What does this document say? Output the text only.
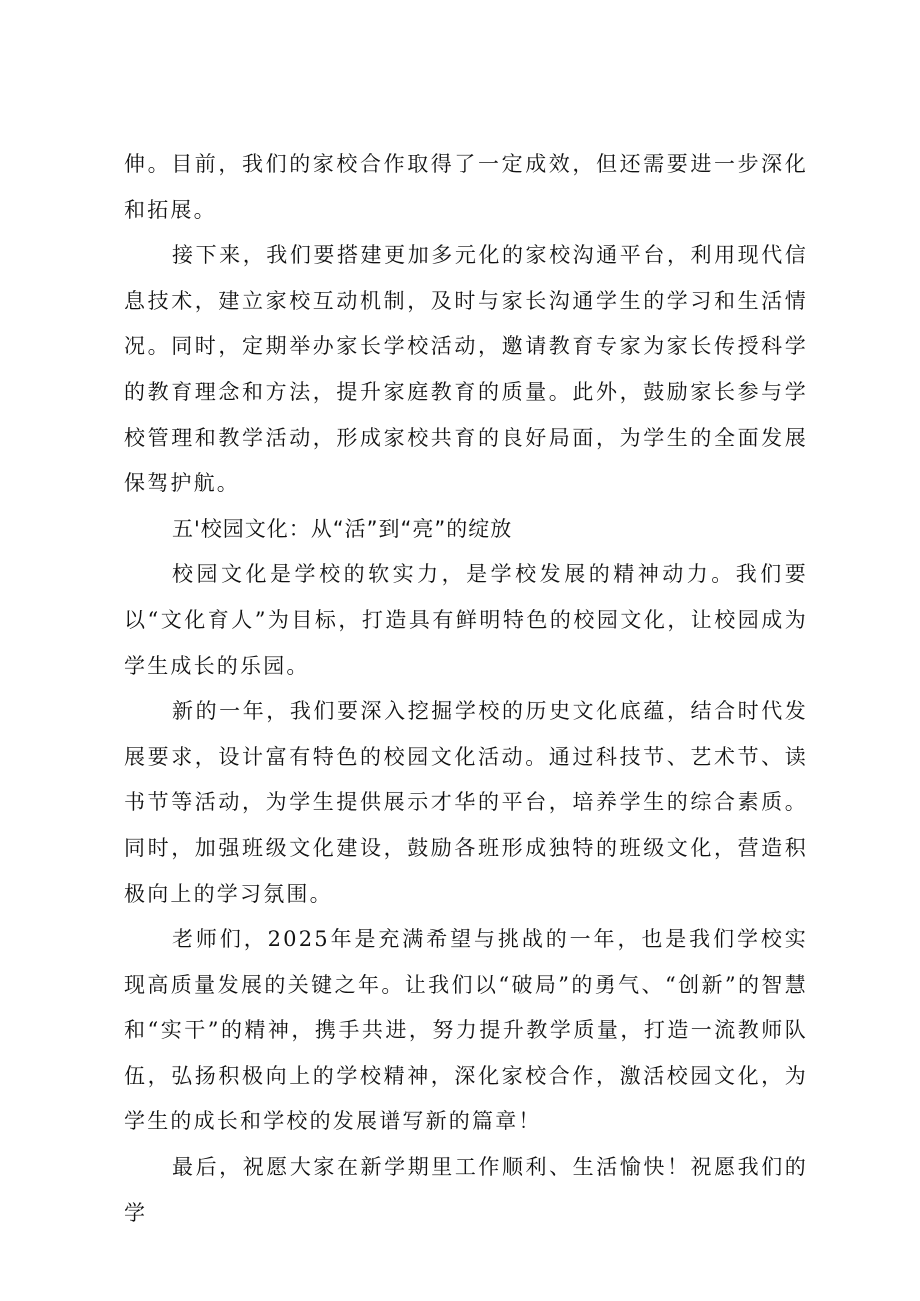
伸。目前，我们的家校合作取得了一定成效，但还需要进一步深化和拓展。

接下来，我们要搭建更加多元化的家校沟通平台，利用现代信息技术，建立家校互动机制，及时与家长沟通学生的学习和生活情况。同时，定期举办家长学校活动，邀请教育专家为家长传授科学的教育理念和方法，提升家庭教育的质量。此外，鼓励家长参与学校管理和教学活动，形成家校共育的良好局面，为学生的全面发展保驾护航。

五'校园文化：从“活”到“亮”的绽放

校园文化是学校的软实力，是学校发展的精神动力。我们要以“文化育人”为目标，打造具有鲜明特色的校园文化，让校园成为学生成长的乐园。

新的一年，我们要深入挖掘学校的历史文化底蕴，结合时代发展要求，设计富有特色的校园文化活动。通过科技节、艺术节、读书节等活动，为学生提供展示才华的平台，培养学生的综合素质。同时，加强班级文化建设，鼓励各班形成独特的班级文化，营造积极向上的学习氛围。

老师们，2025年是充满希望与挑战的一年，也是我们学校实现高质量发展的关键之年。让我们以“破局”的勇气、“创新”的智慧和“实干”的精神，携手共进，努力提升教学质量，打造一流教师队伍，弘扬积极向上的学校精神，深化家校合作，激活校园文化，为学生的成长和学校的发展谱写新的篇章！

最后，祝愿大家在新学期里工作顺利、生活愉快！祝愿我们的学
